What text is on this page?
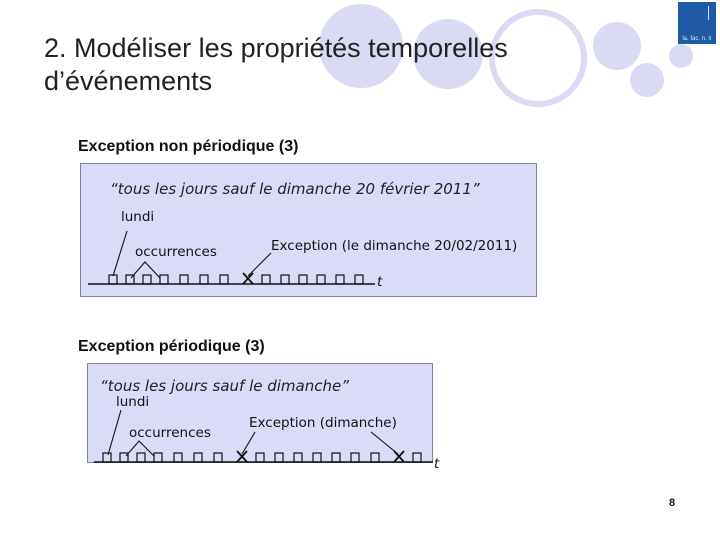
la. fac. n. lr
2. Modéliser les propriétés temporelles d’événements
Exception non périodique (3)
“tous les jours sauf le dimanche 20 février 2011”
lundi
occurrences	Exception (le dimanche 20/02/2011)
t
Exception périodique (3)
“tous les jours sauf le dimanche”
lundi
occurrences
Exception (dimanche)
t
8
